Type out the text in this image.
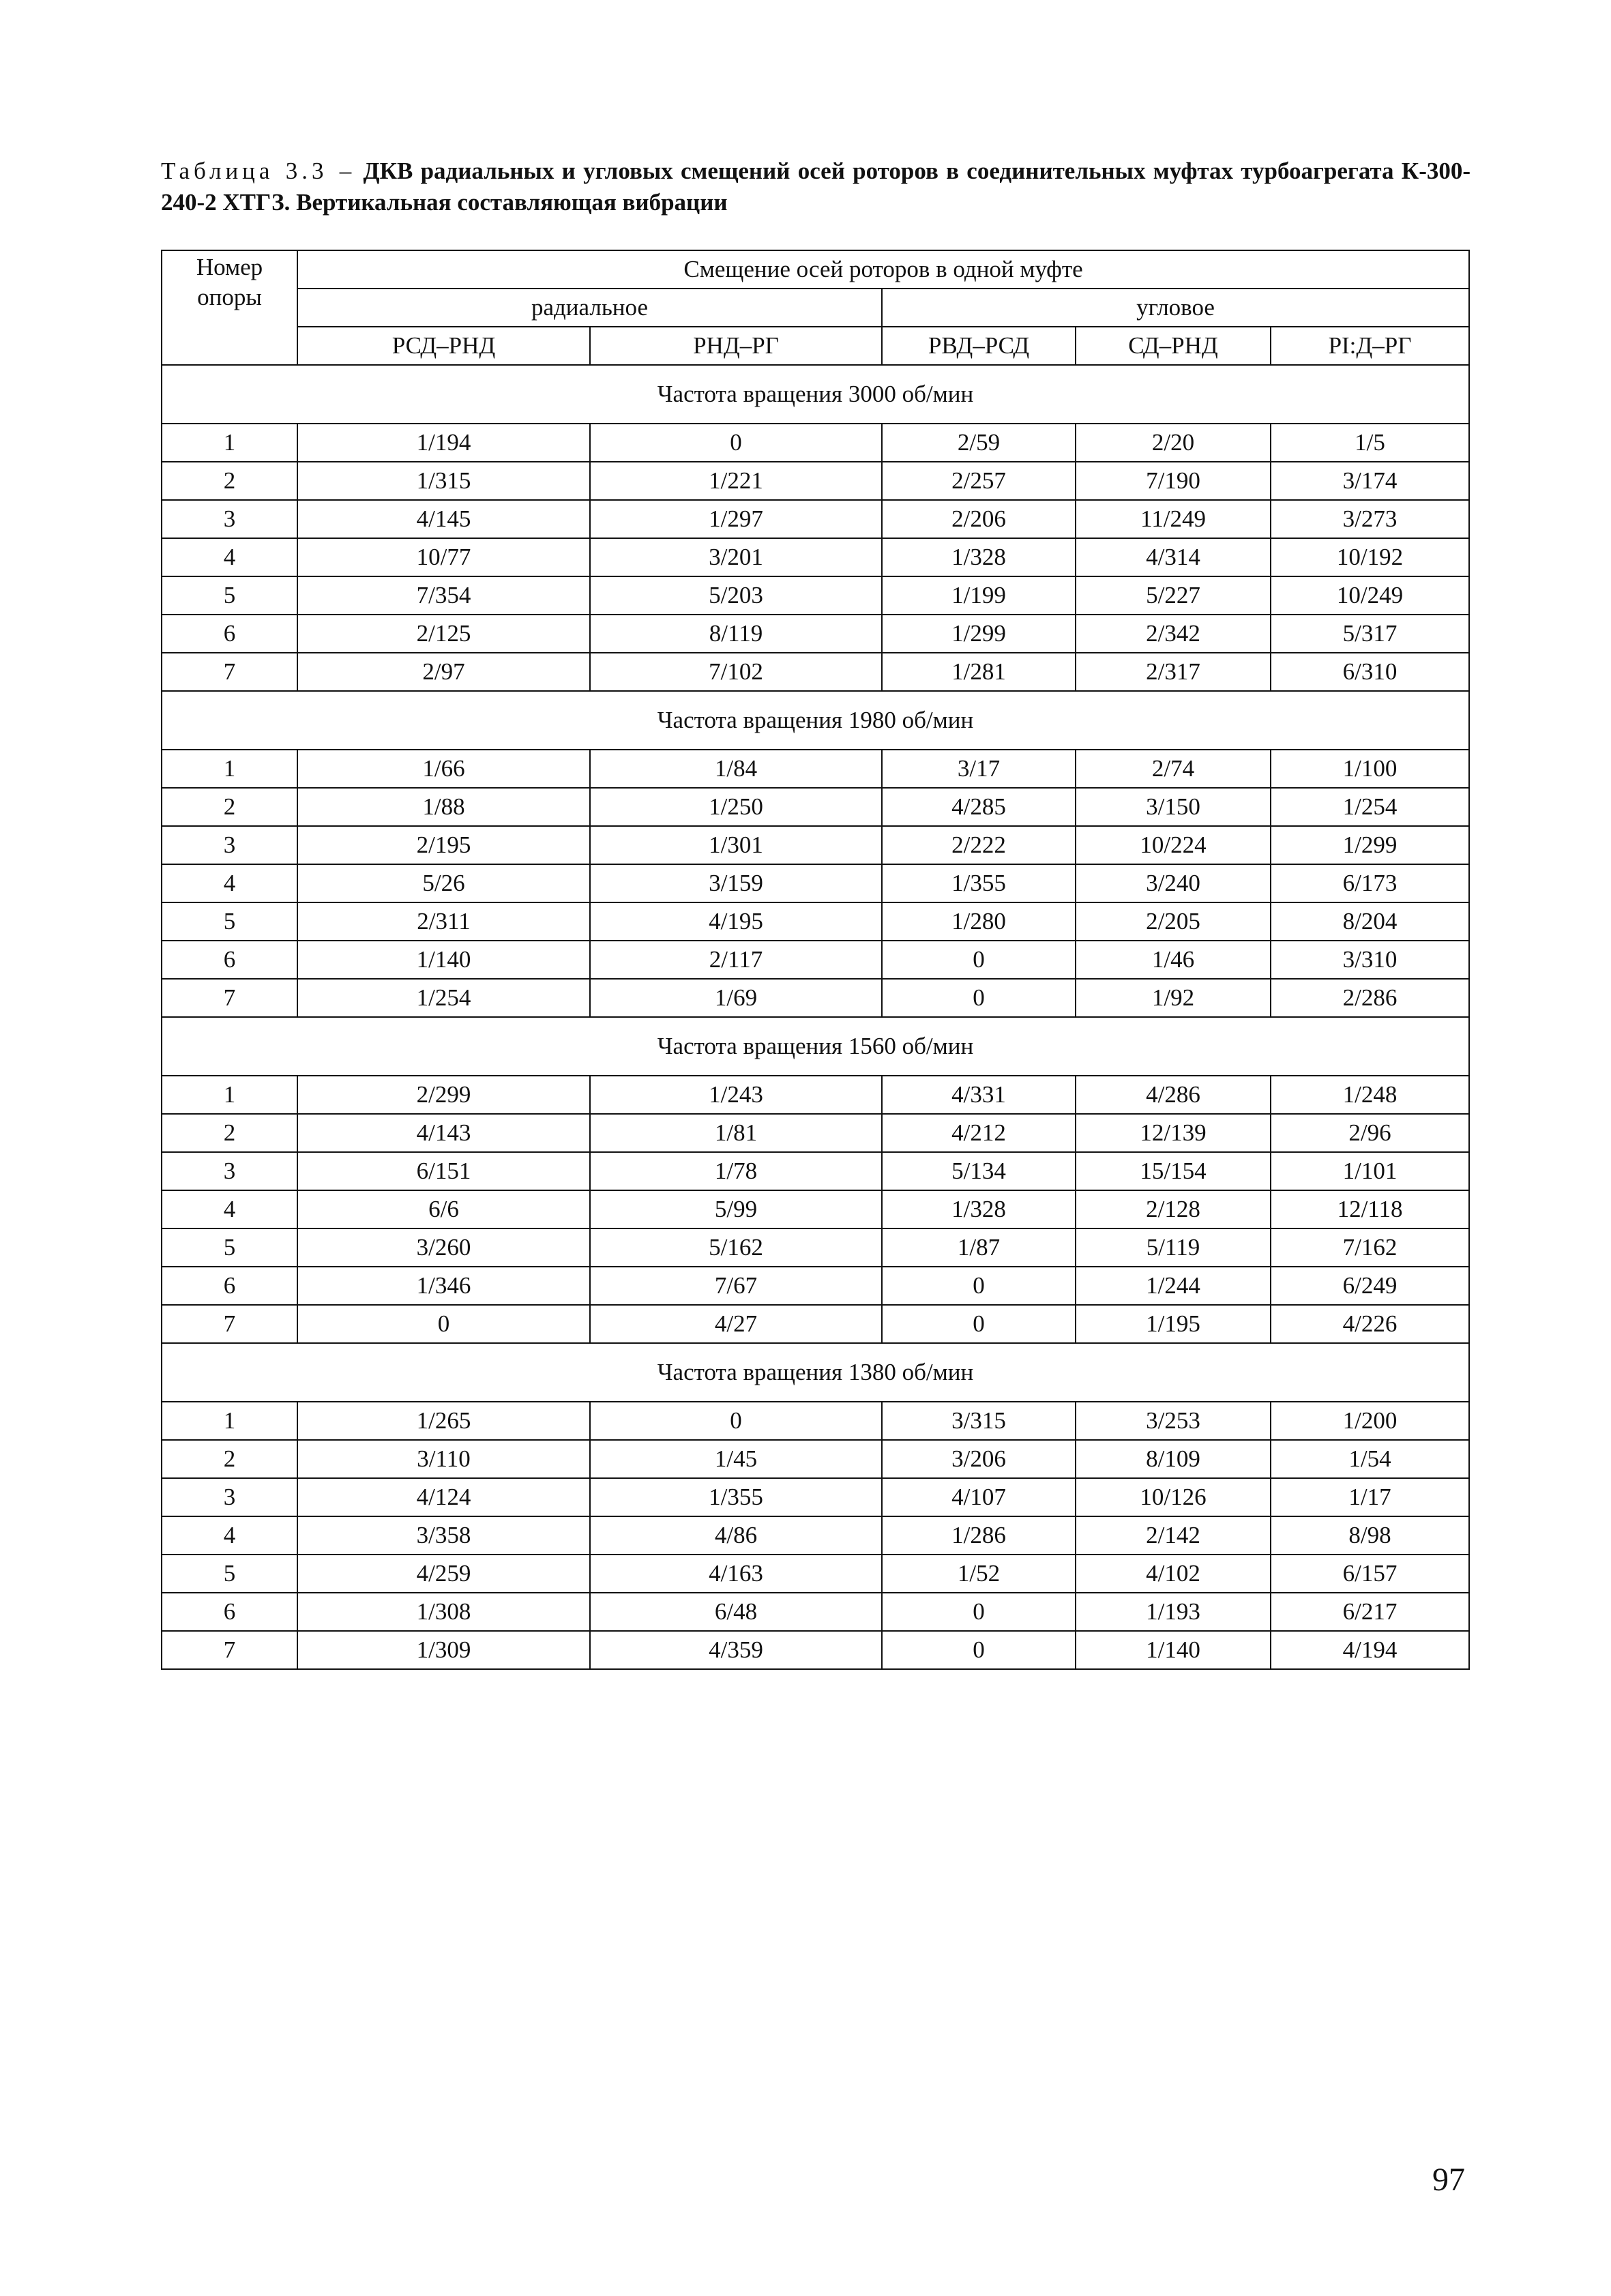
Таблица 3.3 – ДКВ радиальных и угловых смещений осей роторов в соединительных муфтах турбоагрегата К-300-240-2 ХТГЗ. Вертикальная составляющая вибрации
Номер опоры	Смещение осей роторов в одной муфте				
	радиальное		угловое		
	РСД–РНД	РНД–РГ	РВД–РСД	СД–РНД	РI:Д–РГ
Частота вращения 3000 об/мин					
1	1/194	0	2/59	2/20	1/5
2	1/315	1/221	2/257	7/190	3/174
3	4/145	1/297	2/206	11/249	3/273
4	10/77	3/201	1/328	4/314	10/192
5	7/354	5/203	1/199	5/227	10/249
6	2/125	8/119	1/299	2/342	5/317
7	2/97	7/102	1/281	2/317	6/310
Частота вращения 1980 об/мин					
1	1/66	1/84	3/17	2/74	1/100
2	1/88	1/250	4/285	3/150	1/254
3	2/195	1/301	2/222	10/224	1/299
4	5/26	3/159	1/355	3/240	6/173
5	2/311	4/195	1/280	2/205	8/204
6	1/140	2/117	0	1/46	3/310
7	1/254	1/69	0	1/92	2/286
Частота вращения 1560 об/мин					
1	2/299	1/243	4/331	4/286	1/248
2	4/143	1/81	4/212	12/139	2/96
3	6/151	1/78	5/134	15/154	1/101
4	6/6	5/99	1/328	2/128	12/118
5	3/260	5/162	1/87	5/119	7/162
6	1/346	7/67	0	1/244	6/249
7	0	4/27	0	1/195	4/226
Частота вращения 1380 об/мин					
1	1/265	0	3/315	3/253	1/200
2	3/110	1/45	3/206	8/109	1/54
3	4/124	1/355	4/107	10/126	1/17
4	3/358	4/86	1/286	2/142	8/98
5	4/259	4/163	1/52	4/102	6/157
6	1/308	6/48	0	1/193	6/217
7	1/309	4/359	0	1/140	4/194
97
